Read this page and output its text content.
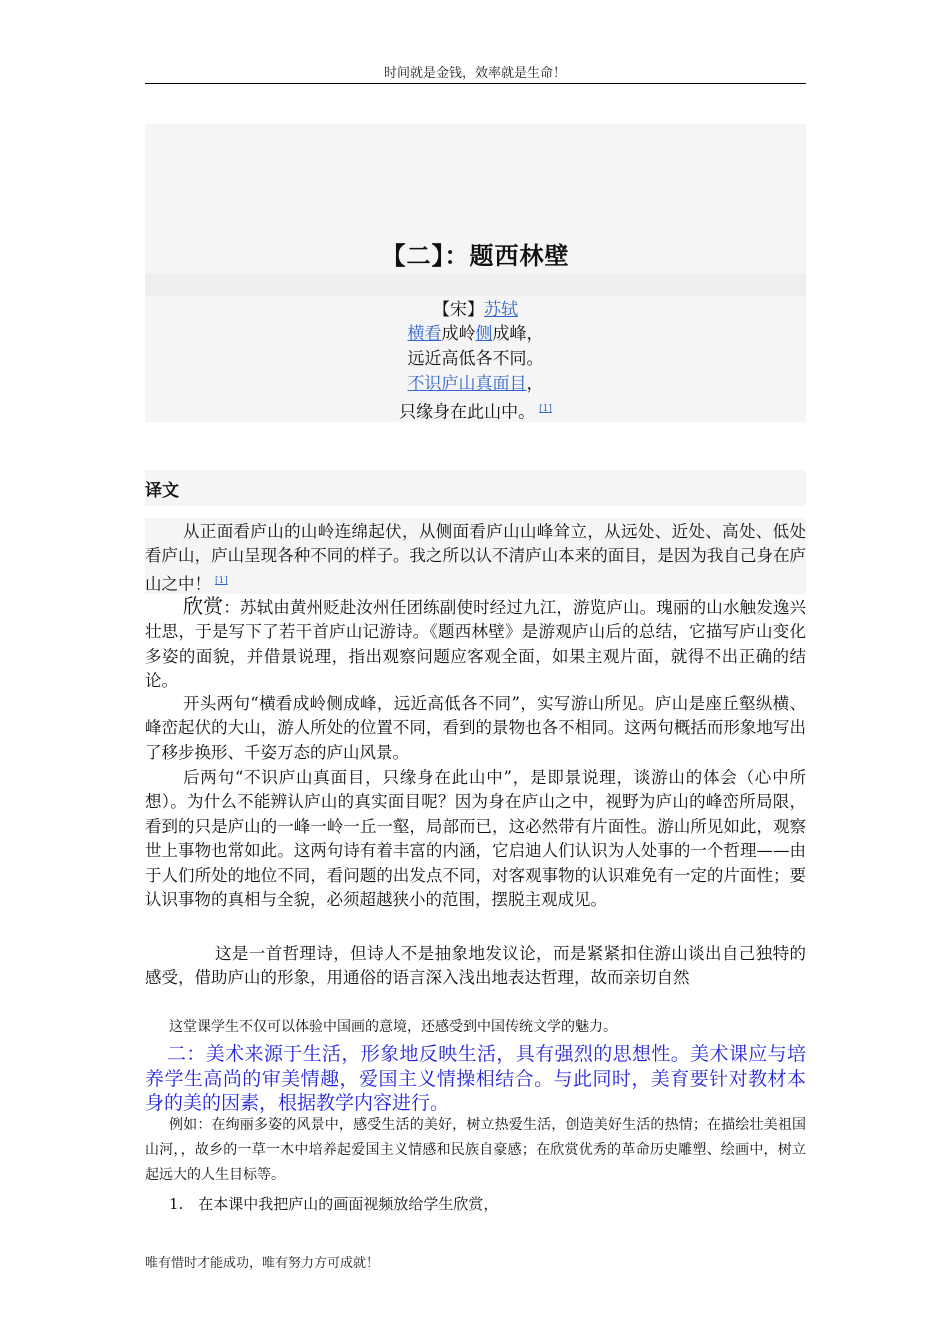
时间就是金钱，效率就是生命！
【二】：题西林壁
【宋】苏轼
横看成岭侧成峰，
远近高低各不同。
不识庐山真面目，
只缘身在此山中。 [1]
译文
从正面看庐山的山岭连绵起伏，从侧面看庐山山峰耸立，从远处、近处、高处、低处看庐山，庐山呈现各种不同的样子。我之所以认不清庐山本来的面目，是因为我自己身在庐山之中！ [1]
欣赏：苏轼由黄州贬赴汝州任团练副使时经过九江，游览庐山。瑰丽的山水触发逸兴壮思，于是写下了若干首庐山记游诗。《题西林壁》是游观庐山后的总结，它描写庐山变化多姿的面貌，并借景说理，指出观察问题应客观全面，如果主观片面，就得不出正确的结论。
开头两句“横看成岭侧成峰，远近高低各不同”，实写游山所见。庐山是座丘壑纵横、峰峦起伏的大山，游人所处的位置不同，看到的景物也各不相同。这两句概括而形象地写出了移步换形、千姿万态的庐山风景。
后两句“不识庐山真面目，只缘身在此山中”，是即景说理，谈游山的体会（心中所想）。为什么不能辨认庐山的真实面目呢？因为身在庐山之中，视野为庐山的峰峦所局限，看到的只是庐山的一峰一岭一丘一壑，局部而已，这必然带有片面性。游山所见如此，观察世上事物也常如此。这两句诗有着丰富的内涵，它启迪人们认识为人处事的一个哲理——由于人们所处的地位不同，看问题的出发点不同，对客观事物的认识难免有一定的片面性；要认识事物的真相与全貌，必须超越狭小的范围，摆脱主观成见。
这是一首哲理诗，但诗人不是抽象地发议论，而是紧紧扣住游山谈出自己独特的感受，借助庐山的形象，用通俗的语言深入浅出地表达哲理，故而亲切自然
这堂课学生不仅可以体验中国画的意境，还感受到中国传统文学的魅力。
二：美术来源于生活，形象地反映生活，具有强烈的思想性。美术课应与培养学生高尚的审美情趣，爱国主义情操相结合。与此同时，美育要针对教材本身的美的因素，根据教学内容进行。
例如：在绚丽多姿的风景中，感受生活的美好，树立热爱生活，创造美好生活的热情；在描绘壮美祖国山河，，故乡的一草一木中培养起爱国主义情感和民族自豪感；在欣赏优秀的革命历史雕塑、绘画中，树立起远大的人生目标等。
1.　在本课中我把庐山的画面视频放给学生欣赏，
唯有惜时才能成功，唯有努力方可成就！
